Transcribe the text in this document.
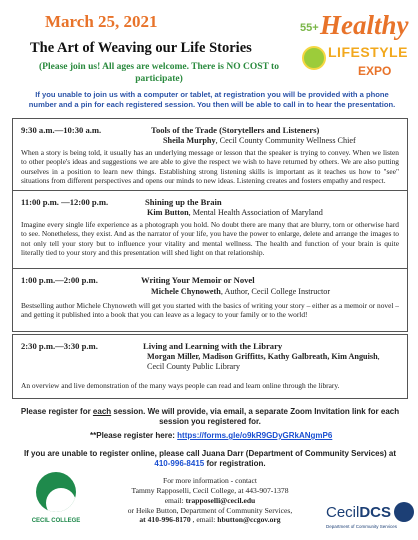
March 25, 2021
The Art of Weaving our Life Stories
(Please join us! All ages are welcome. There is NO COST to participate)
55+ Healthy
LIFESTYLE
EXPO
If you unable to join us with a computer or tablet, at registration you will be provided with a phone number and a pin for each registered session. You then will be able to call in to hear the presentation.
9:30 a.m.—10:30 a.m.	Tools of the Trade (Storytellers and Listeners)
Sheila Murphy, Cecil County Community Wellness Chief
When a story is being told, it usually has an underlying message or lesson that the speaker is trying to convey. When we listen to other people's ideas and suggestions we are able to give the respect we wish to have returned by others. We are also putting ourselves in a position to learn new things. Establishing strong listening skills is important as it teaches us how to "see" situations from different perspectives and opens our minds to new ideas. Listening creates and fosters empathy and respect.
11:00 p.m. —12:00 p.m.	Shining up the Brain
Kim Button, Mental Health Association of Maryland
Imagine every single life experience as a photograph you hold. No doubt there are many that are blurry, torn or otherwise hard to see. Nonetheless, they exist. And as the narrator of your life, you have the power to enlarge, delete and arrange the images to not only tell your story but to influence your vitality and mental wellness. The health and function of your brain is quite literally tied to your story and this presentation will shed light on that relationship.
1:00 p.m.—2:00 p.m.	Writing Your Memoir or Novel
Michele Chynoweth, Author, Cecil College Instructor
Bestselling author Michele Chynoweth will get you started with the basics of writing your story – either as a memoir or novel – and getting it published into a book that you can leave as a legacy to your family or to the world!
2:30 p.m.—3:30 p.m.	Living and Learning with the Library
Morgan Miller, Madison Griffitts, Kathy Galbreath, Kim Anguish,
Cecil County Public Library
An overview and live demonstration of the many ways people can read and learn online through the library.
Please register for each session. We will provide, via email, a separate Zoom Invitation link for each session you registered for.
**Please register here: https://forms.gle/o9kR9GDyGRkANgmP6
If you are unable to register online, please call Juana Darr (Department of Community Services) at 410-996-8415 for registration.
For more information - contact
Tammy Rapposelli, Cecil College, at 443-907-1378
email: trapposelli@cecil.edu
or Heike Button, Department of Community Services,
at 410-996-8170 , email: hbutton@ccgov.org
CECIL COLLEGE	CecilDCS
Department of Community Services
